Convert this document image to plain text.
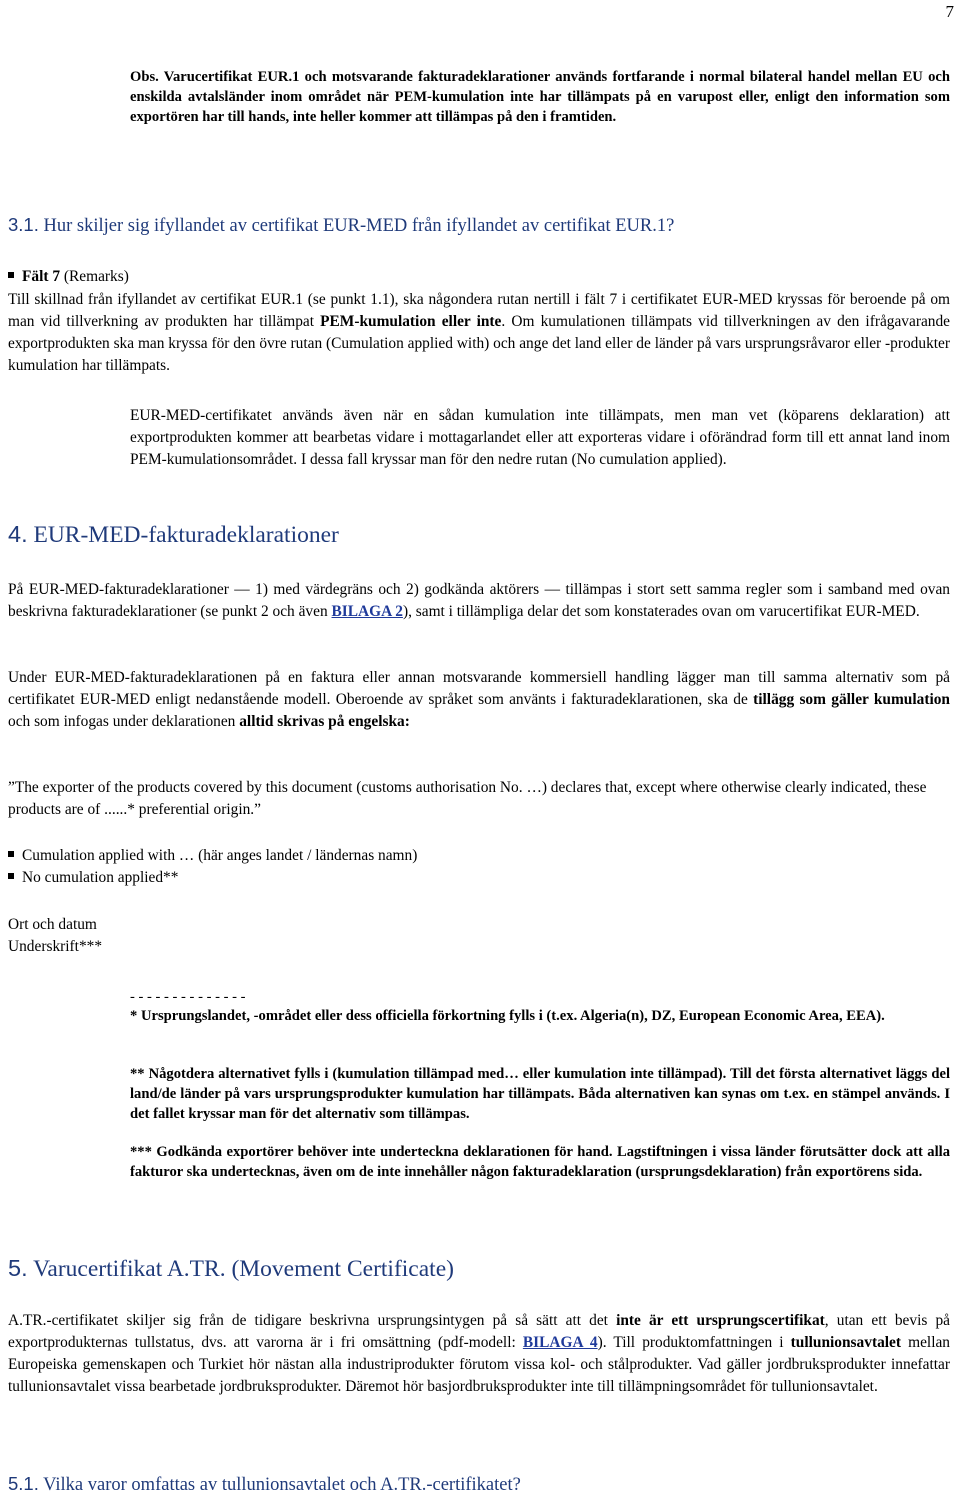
7
Obs. Varucertifikat EUR.1 och motsvarande fakturadeklarationer används fortfarande i normal bilateral handel mellan EU och enskilda avtalsländer inom området när PEM-kumulation inte har tillämpats på en varupost eller, enligt den information som exportören har till hands, inte heller kommer att tillämpas på den i framtiden.
3.1. Hur skiljer sig ifyllandet av certifikat EUR-MED från ifyllandet av certifikat EUR.1?
Fält 7 (Remarks)
Till skillnad från ifyllandet av certifikat EUR.1 (se punkt 1.1), ska någondera rutan nertill i fält 7 i certifikatet EUR-MED kryssas för beroende på om man vid tillverkning av produkten har tillämpat PEM-kumulation eller inte. Om kumulationen tillämpats vid tillverkningen av den ifrågavarande exportprodukten ska man kryssa för den övre rutan (Cumulation applied with) och ange det land eller de länder på vars ursprungsråvaror eller -produkter kumulation har tillämpats.
EUR-MED-certifikatet används även när en sådan kumulation inte tillämpats, men man vet (köparens deklaration) att exportprodukten kommer att bearbetas vidare i mottagarlandet eller att exporteras vidare i oförändrad form till ett annat land inom PEM-kumulationsområdet. I dessa fall kryssar man för den nedre rutan (No cumulation applied).
4. EUR-MED-fakturadeklarationer
På EUR-MED-fakturadeklarationer — 1) med värdegräns och 2) godkända aktörers — tillämpas i stort sett samma regler som i samband med ovan beskrivna fakturadeklarationer (se punkt 2 och även BILAGA 2), samt i tillämpliga delar det som konstaterades ovan om varucertifikat EUR-MED.
Under EUR-MED-fakturadeklarationen på en faktura eller annan motsvarande kommersiell handling lägger man till samma alternativ som på certifikatet EUR-MED enligt nedanstående modell. Oberoende av språket som använts i fakturadeklarationen, ska de tillägg som gäller kumulation och som infogas under deklarationen alltid skrivas på engelska:
”The exporter of the products covered by this document (customs authorisation No. …) declares that, except where otherwise clearly indicated, these products are of ......* preferential origin.”
Cumulation applied with … (här anges landet / ländernas namn)
No cumulation applied**
Ort och datum
Underskrift***
- - - - - - - - - - - - - -
* Ursprungslandet, -området eller dess officiella förkortning fylls i (t.ex. Algeria(n), DZ, European Economic Area, EEA).
** Någotdera alternativet fylls i (kumulation tillämpad med… eller kumulation inte tillämpad). Till det första alternativet läggs del land/de länder på vars ursprungsprodukter kumulation har tillämpats. Båda alternativen kan synas om t.ex. en stämpel används. I det fallet kryssar man för det alternativ som tillämpas.
*** Godkända exportörer behöver inte underteckna deklarationen för hand. Lagstiftningen i vissa länder förutsätter dock att alla fakturor ska undertecknas, även om de inte innehåller någon fakturadeklaration (ursprungsdeklaration) från exportörens sida.
5. Varucertifikat A.TR. (Movement Certificate)
A.TR.-certifikatet skiljer sig från de tidigare beskrivna ursprungsintygen på så sätt att det inte är ett ursprungscertifikat, utan ett bevis på exportprodukternas tullstatus, dvs. att varorna är i fri omsättning (pdf-modell: BILAGA 4). Till produktomfattningen i tullunionsavtalet mellan Europeiska gemenskapen och Turkiet hör nästan alla industriprodukter förutom vissa kol- och stålprodukter. Vad gäller jordbruksprodukter innefattar tullunionsavtalet vissa bearbetade jordbruksprodukter. Däremot hör basjordbruksprodukter inte till tillämpningsområdet för tullunionsavtalet.
5.1. Vilka varor omfattas av tullunionsavtalet och A.TR.-certifikatet?
